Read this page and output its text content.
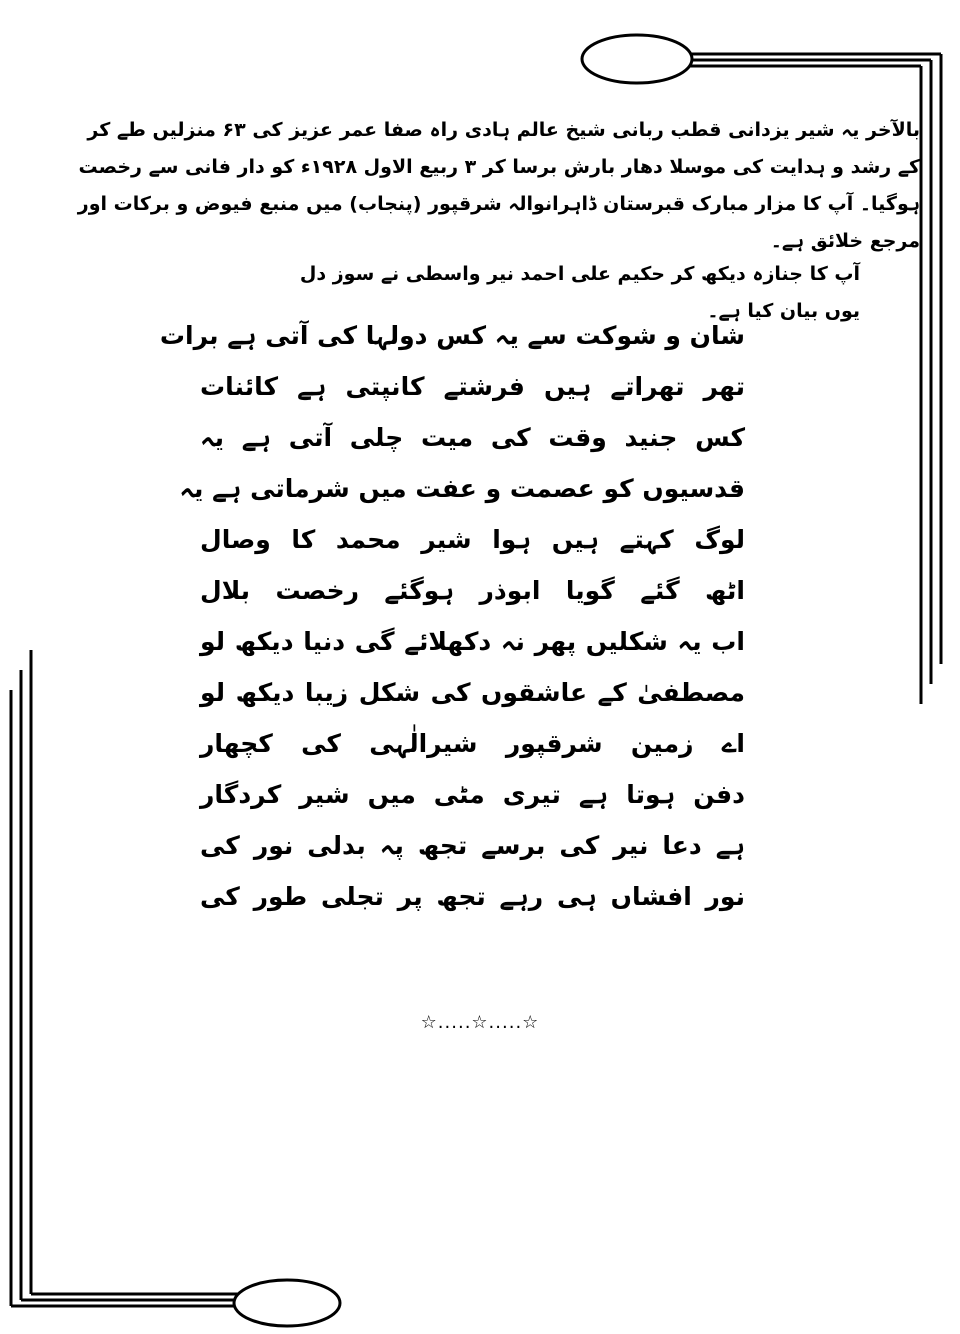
بالآخر یہ شیر یزدانی قطب ربانی شیخ عالم ہادی راہ صفا عمر عزیز کی ۶۳ منزلیں طے کر کے رشد و ہدایت کی موسلا دھار بارش برسا کر ۳ ربیع الاول ۱۹۲۸ء کو دار فانی سے رخصت ہوگیا۔ آپ کا مزار مبارک قبرستان ڈاہرانوالہ شرقپور (پنجاب) میں منبع فیوض و برکات اور مرجع خلائق ہے۔

آپ کا جنازہ دیکھ کر حکیم علی احمد نیر واسطی نے سوز دل یوں بیان کیا ہے۔

شان و شوکت سے یہ کس دولہا کی آتی ہے برات
تھر تھراتے ہیں فرشتے کانپتی ہے کائنات
کس جنید وقت کی میت چلی آتی ہے یہ
قدسیوں کو عصمت و عفت میں شرماتی ہے یہ
لوگ کہتے ہیں ہوا شیر محمد کا وصال
اٹھ گئے گویا ابوذر ہوگئے رخصت بلال
اب یہ شکلیں پھر نہ دکھلائے گی دنیا دیکھ لو
مصطفیٰ کے عاشقوں کی شکل زیبا دیکھ لو
اے زمین شرقپور شیرالٰہی کی کچھار
دفن ہوتا ہے تیری مٹی میں شیر کردگار
ہے دعا نیر کی برسے تجھ پہ بدلی نور کی
نور افشاں ہی رہے تجھ پر تجلی طور کی
☆.....☆.....☆
